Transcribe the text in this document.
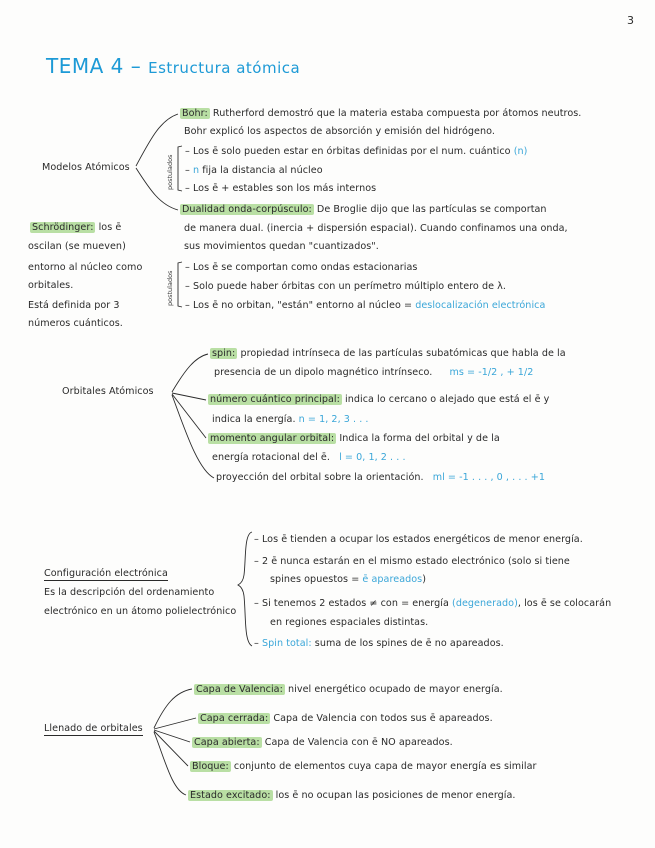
3
TEMA 4 – Estructura atómica
Modelos Atómicos
Bohr: Rutherford demostró que la materia estaba compuesta por átomos neutros.
Bohr explicó los aspectos de absorción y emisión del hidrógeno.
postulados
– Los ē solo pueden estar en órbitas definidas por el num. cuántico (n)
– n fija la distancia al núcleo
– Los ē + estables son los más internos
Dualidad onda-corpúsculo: De Broglie dijo que las partículas se comportan
de manera dual. (inercia + dispersión espacial). Cuando confinamos una onda,
sus movimientos quedan "cuantizados".
postulados
– Los ē se comportan como ondas estacionarias
– Solo puede haber órbitas con un perímetro múltiplo entero de λ.
– Los ē no orbitan, "están" entorno al núcleo = deslocalización electrónica
Schrödinger: los ē
oscilan (se mueven)
entorno al núcleo como
orbitales.
Está definida por 3
números cuánticos.
Orbitales Atómicos
spin: propiedad intrínseca de las partículas subatómicas que habla de la
presencia de un dipolo magnético intrínseco. ms = -1/2 , + 1/2
número cuántico principal: indica lo cercano o alejado que está el ē y
indica la energía. n = 1, 2, 3 . . .
momento angular orbital: Indica la forma del orbital y de la
energía rotacional del ē. l = 0, 1, 2 . . .
proyección del orbital sobre la orientación. ml = -1 . . . , 0 , . . . +1
Configuración electrónica
Es la descripción del ordenamiento
electrónico en un átomo polielectrónico
– Los ē tienden a ocupar los estados energéticos de menor energía.
– 2 ē nunca estarán en el mismo estado electrónico (solo si tiene
spines opuestos = ē apareados)
– Si tenemos 2 estados ≠ con = energía (degenerado), los ē se colocarán
en regiones espaciales distintas.
– Spin total: suma de los spines de ē no apareados.
Llenado de orbitales
Capa de Valencia: nivel energético ocupado de mayor energía.
Capa cerrada: Capa de Valencia con todos sus ē apareados.
Capa abierta: Capa de Valencia con ē NO apareados.
Bloque: conjunto de elementos cuya capa de mayor energía es similar
Estado excitado: los ē no ocupan las posiciones de menor energía.
